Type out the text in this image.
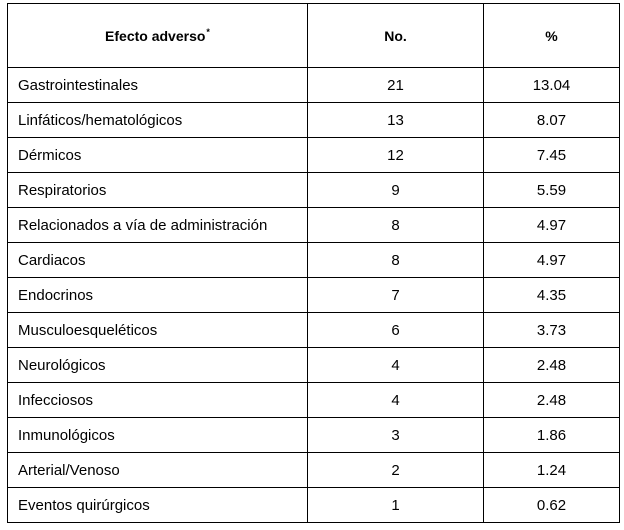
Efecto adverso*	No.	%
Gastrointestinales	21	13.04
Linfáticos/hematológicos	13	8.07
Dérmicos	12	7.45
Respiratorios	9	5.59
Relacionados a vía de administración	8	4.97
Cardiacos	8	4.97
Endocrinos	7	4.35
Musculoesqueléticos	6	3.73
Neurológicos	4	2.48
Infecciosos	4	2.48
Inmunológicos	3	1.86
Arterial/Venoso	2	1.24
Eventos quirúrgicos	1	0.62
